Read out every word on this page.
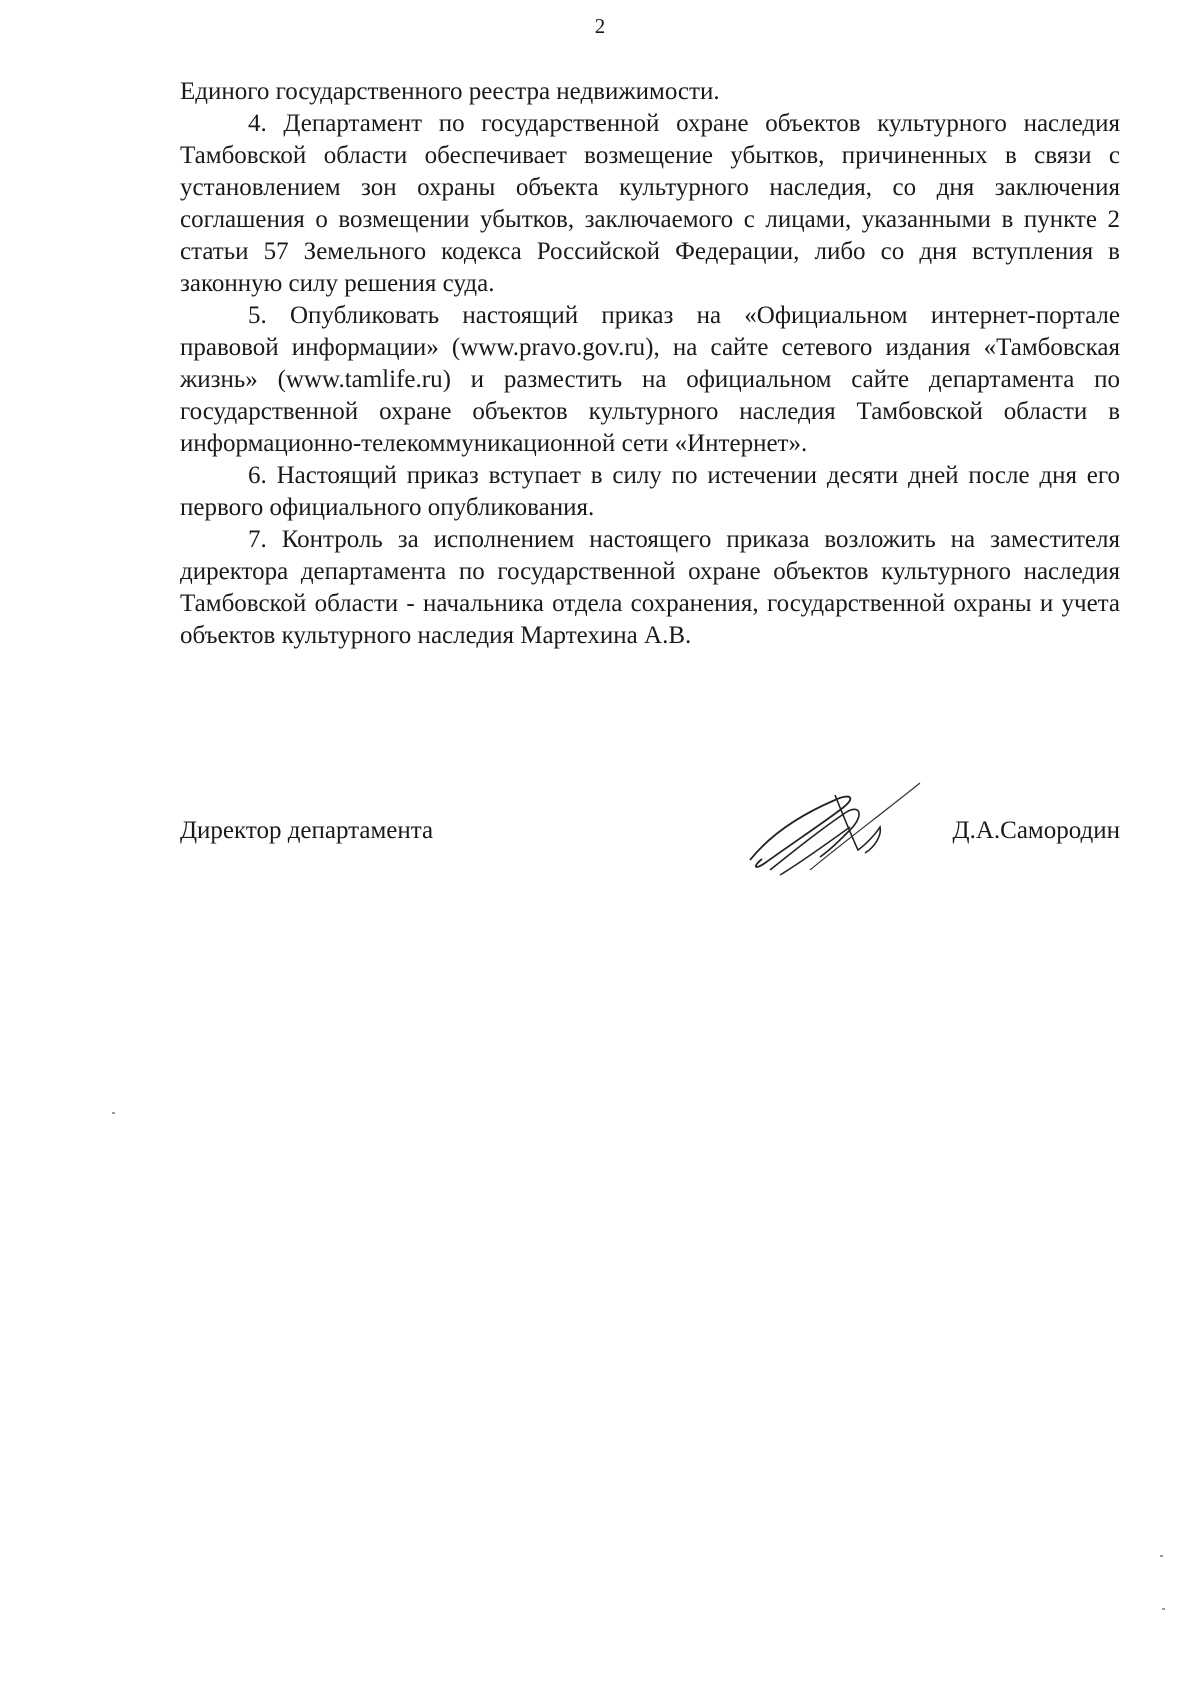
2

Единого государственного реестра недвижимости.

4. Департамент по государственной охране объектов культурного наследия Тамбовской области обеспечивает возмещение убытков, причиненных в связи с установлением зон охраны объекта культурного наследия, со дня заключения соглашения о возмещении убытков, заключаемого с лицами, указанными в пункте 2 статьи 57 Земельного кодекса Российской Федерации, либо со дня вступления в законную силу решения суда.

5. Опубликовать настоящий приказ на «Официальном интернет-портале правовой информации» (www.pravo.gov.ru), на сайте сетевого издания «Тамбовская жизнь» (www.tamlife.ru) и разместить на официальном сайте департамента по государственной охране объектов культурного наследия Тамбовской области в информационно-телекоммуникационной сети «Интернет».

6. Настоящий приказ вступает в силу по истечении десяти дней после дня его первого официального опубликования.

7. Контроль за исполнением настоящего приказа возложить на заместителя директора департамента по государственной охране объектов культурного наследия Тамбовской области - начальника отдела сохранения, государственной охраны и учета объектов культурного наследия Мартехина А.В.

Директор департамента	Д.А.Самородин
